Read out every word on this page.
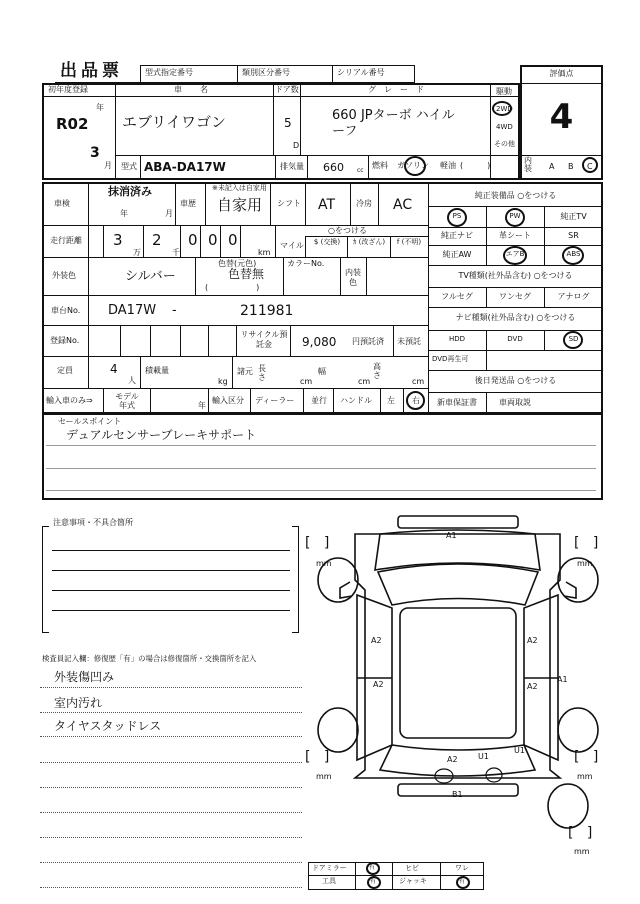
出品票	型式指定番号	類別区分番号	シリアル番号	評価点
4
初年度登録
R02
年
3
月
車名
エブリイワゴン
型式 ABA-DA17W
ドア数
5
D
グレード
660 JPターボ ハイルーフ
駆動
2WD
4WD
その他
排気量 660 cc
燃料 ガソリン 軽油 (　　　)
内装 A B C
車検
抹消済み
年	月
車歴
※未記入は自家用
自家用 シフト AT	冷房 AC
走行距離 3
万
2
千
0 0 0
km
○をつける
マイル	$ (交換)	ｶ (改ざん)	f (不明)
外装色	シルバー
色替(元色)
色替無
(　　　　　　)
カラーNo.
内装色
車台No. DA17W -	211981
登録No.
リサイクル預託金	9,080 円預託済 未預託
定員	4
人
積載量
kg
諸元 長さ	cm
幅
cm
高さ
cm
輸入車のみ⇒	モデル年式	年
輸入区分 ディーラー 並行 ハンドル 左 右
純正装備品 ○をつける
PS	PW	純正TV
純正ナビ	革シート	SR
純正AW	エアB	ABS
TV種類(社外品含む) ○をつける
フルセグ	ワンセグ	アナログ
ナビ種類(社外品含む) ○をつける
HDD	DVD	SD
DVD再生可
後日発送品 ○をつける
新車保証書	車両取説
セールスポイント
デュアルセンサーブレーキサポート
注意事項・不具合箇所
検査員記入欄：修復歴「有」の場合は修復箇所・交換箇所を記入
外装傷凹み
室内汚れ
タイヤスタッドレス
A1
A2	A2
A2	A2
A2
A1
U1
U1
B1
[ ]
mm
[ ]
mm
[ ]
mm
[ ]
mm
[ ]
mm
ドアミラー	有	ヒビ	ワレ
工具	有	ジャッキ	有
